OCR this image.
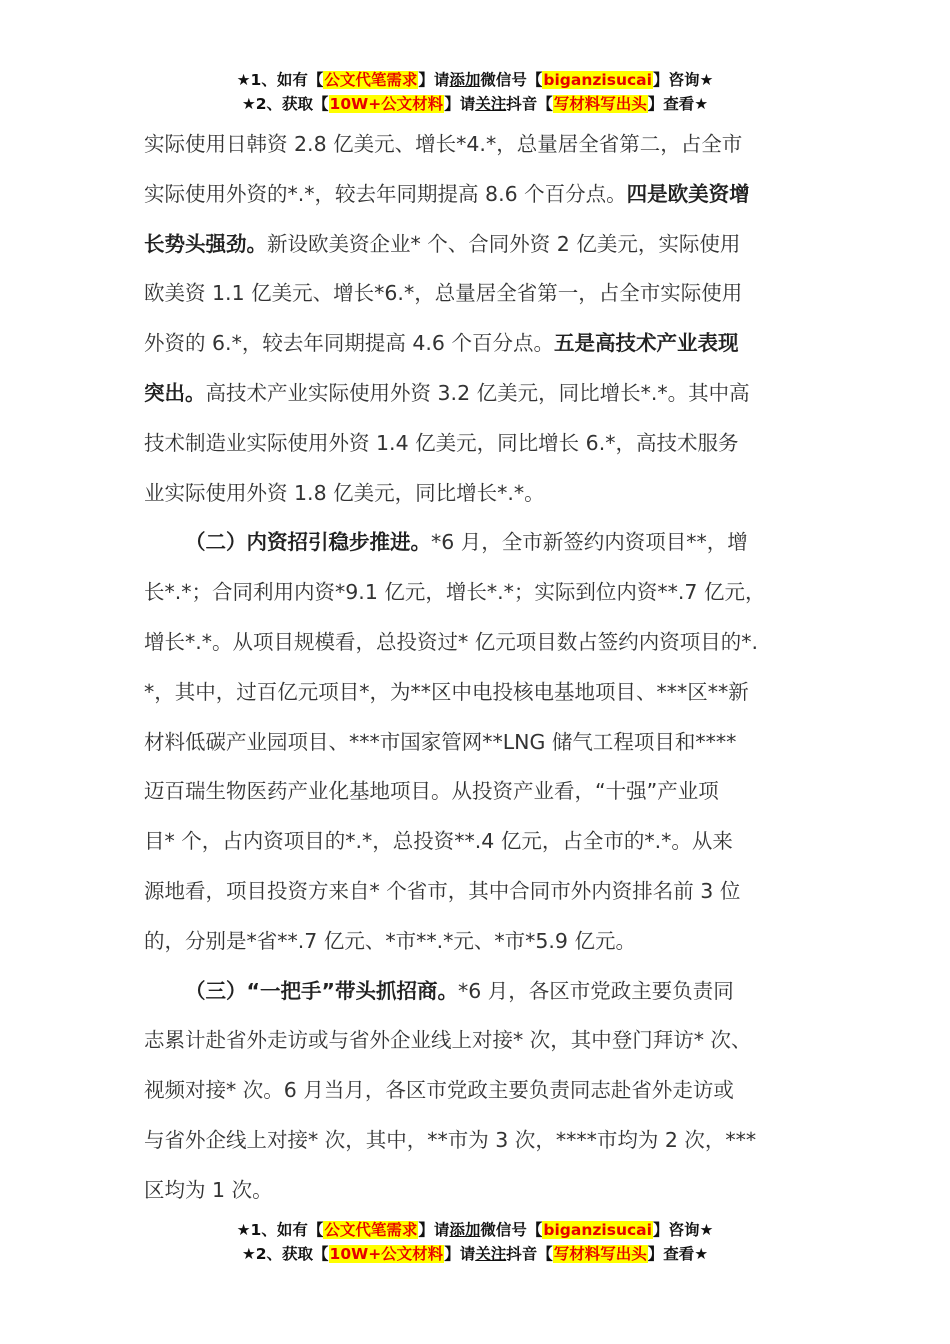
★1、如有【公文代笔需求】请添加微信号【biganzisucai】咨询★
★2、获取【10W+公文材料】请关注抖音【写材料写出头】查看★
实际使用日韩资 2.8 亿美元、增长*4.*，总量居全省第二，占全市
实际使用外资的*.*，较去年同期提高 8.6 个百分点。四是欧美资增
长势头强劲。新设欧美资企业* 个、合同外资 2 亿美元，实际使用
欧美资 1.1 亿美元、增长*6.*，总量居全省第一，占全市实际使用
外资的 6.*，较去年同期提高 4.6 个百分点。五是高技术产业表现
突出。高技术产业实际使用外资 3.2 亿美元，同比增长*.*。其中高
技术制造业实际使用外资 1.4 亿美元，同比增长 6.*，高技术服务
业实际使用外资 1.8 亿美元，同比增长*.*。
（二）内资招引稳步推进。*6 月，全市新签约内资项目**，增
长*.*；合同利用内资*9.1 亿元，增长*.*；实际到位内资**.7 亿元，
增长*.*。从项目规模看，总投资过* 亿元项目数占签约内资项目的*.
*，其中，过百亿元项目*，为**区中电投核电基地项目、***区**新
材料低碳产业园项目、***市国家管网**LNG 储气工程项目和****
迈百瑞生物医药产业化基地项目。从投资产业看，“十强”产业项
目* 个，占内资项目的*.*，总投资**.4 亿元，占全市的*.*。从来
源地看，项目投资方来自* 个省市，其中合同市外内资排名前 3 位
的，分别是*省**.7 亿元、*市**.*元、*市*5.9 亿元。
（三）“一把手”带头抓招商。*6 月，各区市党政主要负责同
志累计赴省外走访或与省外企业线上对接* 次，其中登门拜访* 次、
视频对接* 次。6 月当月，各区市党政主要负责同志赴省外走访或
与省外企线上对接* 次，其中，**市为 3 次，****市均为 2 次，***
区均为 1 次。
★1、如有【公文代笔需求】请添加微信号【biganzisucai】咨询★
★2、获取【10W+公文材料】请关注抖音【写材料写出头】查看★
